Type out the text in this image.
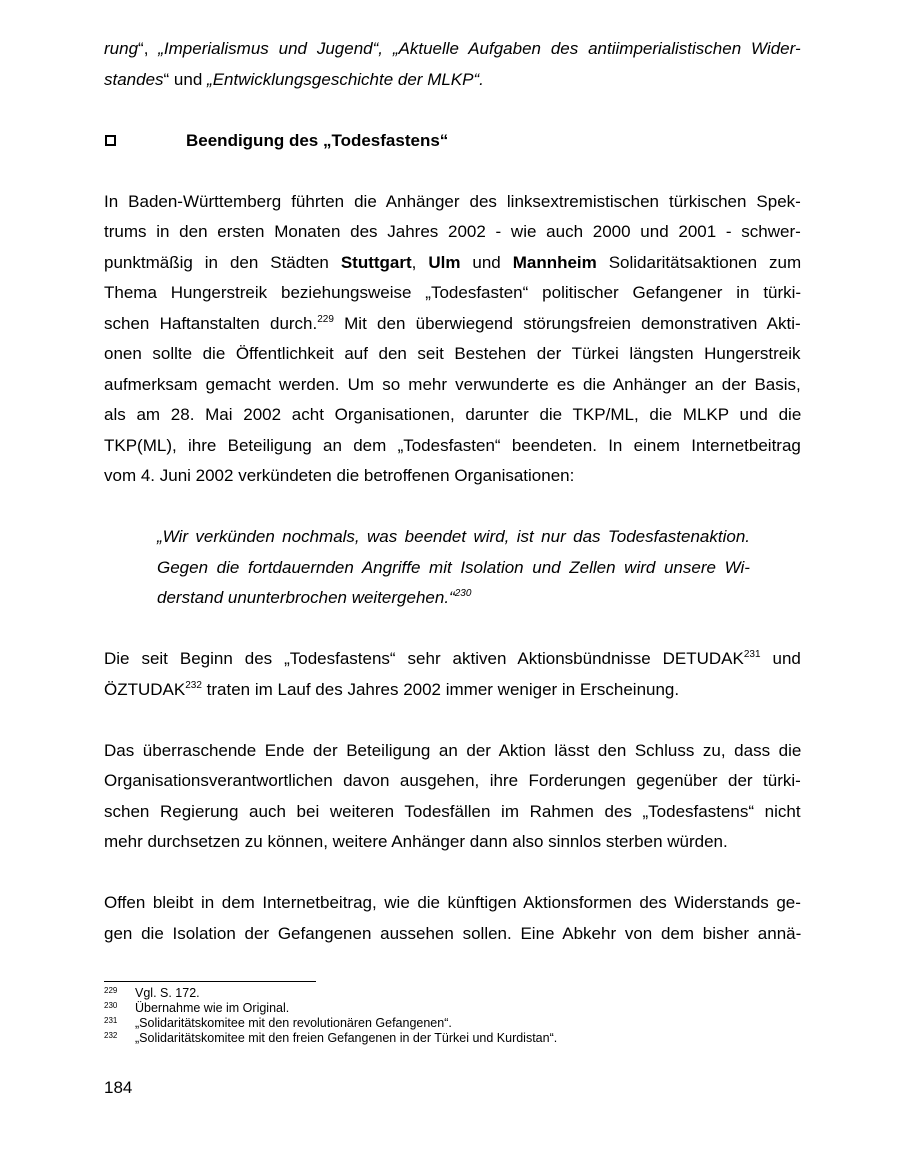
rung“, „Imperialismus und Jugend“, „Aktuelle Aufgaben des antiimperialistischen Wider-
standes“ und „Entwicklungsgeschichte der MLKP“.
Beendigung des „Todesfastens“
In Baden-Württemberg führten die Anhänger des linksextremistischen türkischen Spek-
trums in den ersten Monaten des Jahres 2002 - wie auch 2000 und 2001 - schwer-
punktmäßig in den Städten Stuttgart, Ulm und Mannheim Solidaritätsaktionen zum
Thema Hungerstreik beziehungsweise „Todesfasten“ politischer Gefangener in türki-
schen Haftanstalten durch.$^{229}$ Mit den überwiegend störungsfreien demonstrativen Akti-
onen sollte die Öffentlichkeit auf den seit Bestehen der Türkei längsten Hungerstreik
aufmerksam gemacht werden. Um so mehr verwunderte es die Anhänger an der Basis,
als am 28. Mai 2002 acht Organisationen, darunter die TKP/ML, die MLKP und die
TKP(ML), ihre Beteiligung an dem „Todesfasten“ beendeten. In einem Internetbeitrag
vom 4. Juni 2002 verkündeten die betroffenen Organisationen:
„Wir verkünden nochmals, was beendet wird, ist nur das Todesfastenaktion.
Gegen die fortdauernden Angriffe mit Isolation und Zellen wird unsere Wi-
derstand ununterbrochen weitergehen.“$^{230}$
Die seit Beginn des „Todesfastens“ sehr aktiven Aktionsbündnisse DETUDAK$^{231}$ und
ÖZTUDAK$^{232}$ traten im Lauf des Jahres 2002 immer weniger in Erscheinung.
Das überraschende Ende der Beteiligung an der Aktion lässt den Schluss zu, dass die
Organisationsverantwortlichen davon ausgehen, ihre Forderungen gegenüber der türki-
schen Regierung auch bei weiteren Todesfällen im Rahmen des „Todesfastens“ nicht
mehr durchsetzen zu können, weitere Anhänger dann also sinnlos sterben würden.
Offen bleibt in dem Internetbeitrag, wie die künftigen Aktionsformen des Widerstands ge-
gen die Isolation der Gefangenen aussehen sollen. Eine Abkehr von dem bisher annä-
229	Vgl. S. 172.
230	Übernahme wie im Original.
231	„Solidaritätskomitee mit den revolutionären Gefangenen“.
232	„Solidaritätskomitee mit den freien Gefangenen in der Türkei und Kurdistan“.
184
